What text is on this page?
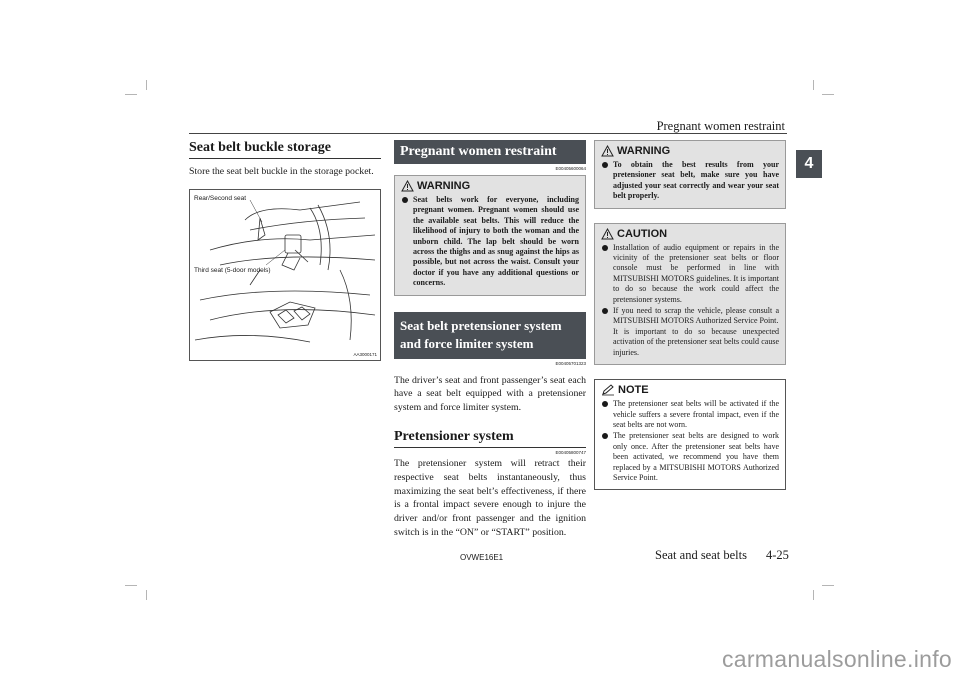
Pregnant women restraint
4
Seat belt buckle storage

Store the seat belt buckle in the storage pocket.

Rear/Second seat
Third seat (5-door models)
AA3000171
Pregnant women restraint
E00405600064
WARNING
Seat belts work for everyone, including pregnant women. Pregnant women should use the available seat belts. This will reduce the likelihood of injury to both the woman and the unborn child. The lap belt should be worn across the thighs and as snug against the hips as possible, but not across the waist. Consult your doctor if you have any additional questions or concerns.
Seat belt pretensioner system and force limiter system
E00405701323

The driver’s seat and front passenger’s seat each have a seat belt equipped with a pretensioner system and force limiter system.

Pretensioner system
E00405800747

The pretensioner system will retract their respective seat belts instantaneously, thus maximizing the seat belt’s effectiveness, if there is a frontal impact severe enough to injure the driver and/or front passenger and the ignition switch is in the “ON” or “START” position.

WARNING
To obtain the best results from your pretensioner seat belt, make sure you have adjusted your seat correctly and wear your seat belt properly.
CAUTION
Installation of audio equipment or repairs in the vicinity of the pretensioner seat belts or floor console must be performed in line with MITSUBISHI MOTORS guidelines. It is important to do so because the work could affect the pretensioner systems.
If you need to scrap the vehicle, please consult a MITSUBISHI MOTORS Authorized Service Point.
It is important to do so because unexpected activation of the pretensioner seat belts could cause injuries.
NOTE
The pretensioner seat belts will be activated if the vehicle suffers a severe frontal impact, even if the seat belts are not worn.
The pretensioner seat belts are designed to work only once. After the pretensioner seat belts have been activated, we recommend you have them replaced by a MITSUBISHI MOTORS Authorized Service Point.
OVWE16E1	Seat and seat belts 4-25
carmanualsonline.info
